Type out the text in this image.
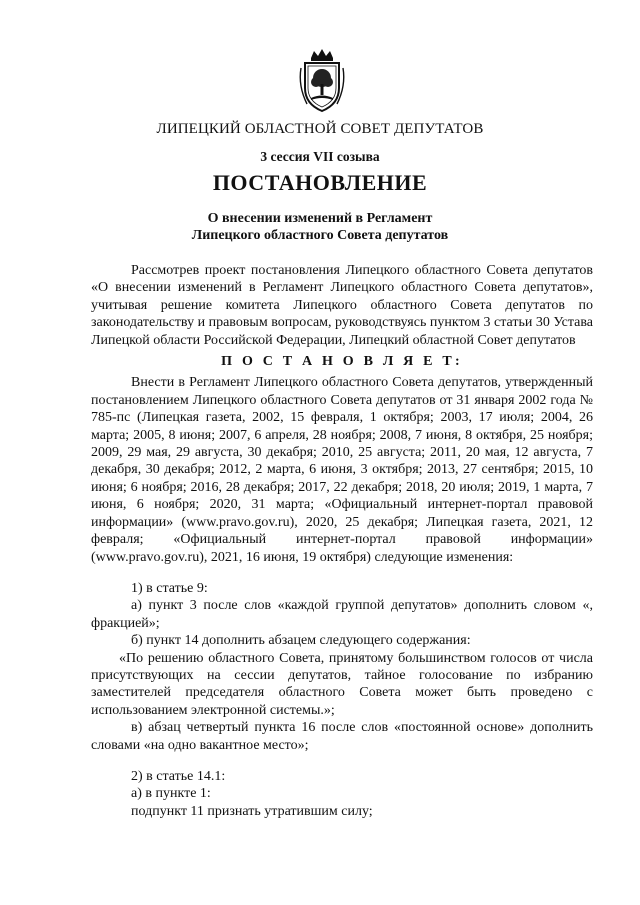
ЛИПЕЦКИЙ ОБЛАСТНОЙ СОВЕТ ДЕПУТАТОВ
3 сессия VII созыва
ПОСТАНОВЛЕНИЕ
О внесении изменений в Регламент
Липецкого областного Совета депутатов

Рассмотрев проект постановления Липецкого областного Совета депутатов «О внесении изменений в Регламент Липецкого областного Совета депутатов», учитывая решение комитета Липецкого областного Совета депутатов по законодательству и правовым вопросам, руководствуясь пунктом 3 статьи 30 Устава Липецкой области Российской Федерации, Липецкий областной Совет депутатов

П О С Т А Н О В Л Я Е Т:

Внести в Регламент Липецкого областного Совета депутатов, утвержденный постановлением Липецкого областного Совета депутатов от 31 января 2002 года № 785-пс (Липецкая газета, 2002, 15 февраля, 1 октября; 2003, 17 июля; 2004, 26 марта; 2005, 8 июня; 2007, 6 апреля, 28 ноября; 2008, 7 июня, 8 октября, 25 ноября; 2009, 29 мая, 29 августа, 30 декабря; 2010, 25 августа; 2011, 20 мая, 12 августа, 7 декабря, 30 декабря; 2012, 2 марта, 6 июня, 3 октября; 2013, 27 сентября; 2015, 10 июня; 6 ноября; 2016, 28 декабря; 2017, 22 декабря; 2018, 20 июля; 2019, 1 марта, 7 июня, 6 ноября; 2020, 31 марта; «Официальный интернет-портал правовой информации» (www.pravo.gov.ru), 2020, 25 декабря; Липецкая газета, 2021, 12 февраля; «Официальный интернет-портал правовой информации» (www.pravo.gov.ru), 2021, 16 июня, 19 октября) следующие изменения:

1) в статье 9:

а) пункт 3 после слов «каждой группой депутатов» дополнить словом «, фракцией»;

б) пункт 14 дополнить абзацем следующего содержания:

«По решению областного Совета, принятому большинством голосов от числа присутствующих на сессии депутатов, тайное голосование по избранию заместителей председателя областного Совета может быть проведено с использованием электронной системы.»;

в) абзац четвертый пункта 16 после слов «постоянной основе» дополнить словами «на одно вакантное место»;

2) в статье 14.1:

а) в пункте 1:

подпункт 11 признать утратившим силу;
